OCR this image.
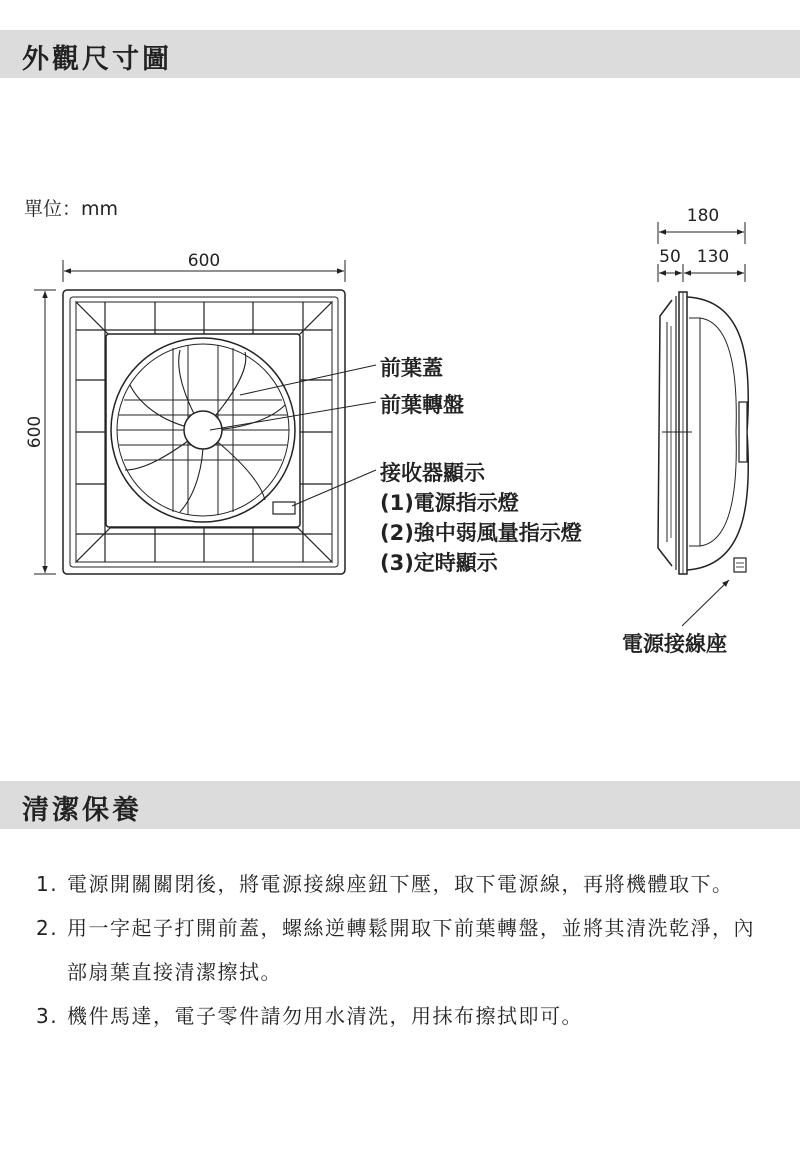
外觀尺寸圖
單位：mm
600
600
前葉蓋
前葉轉盤
接收器顯示
(1)電源指示燈
(2)強中弱風量指示燈
(3)定時顯示
180
50 130
電源接線座
清潔保養
1. 電源開關關閉後，將電源接線座鈕下壓，取下電源線，再將機體取下。
2. 用一字起子打開前蓋，螺絲逆轉鬆開取下前葉轉盤，並將其清洗乾淨，內部扇葉直接清潔擦拭。
3. 機件馬達，電子零件請勿用水清洗，用抹布擦拭即可。
